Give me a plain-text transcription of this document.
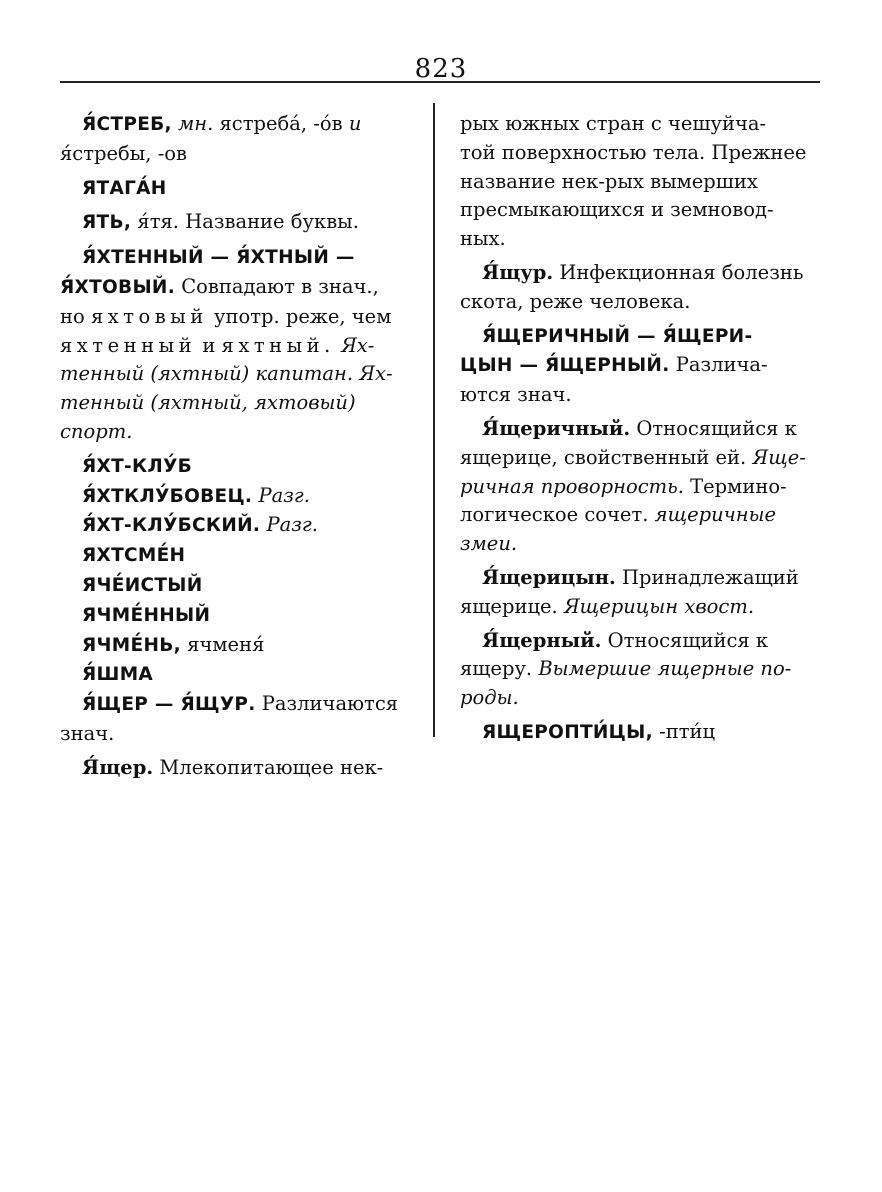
823

Я́СТРЕБ, мн. ястреба́, -о́в и
я́стребы, -ов

ЯТАГА́Н

ЯТЬ, я́тя. Название буквы.

Я́ХТЕННЫЙ — Я́ХТНЫЙ —
Я́ХТОВЫЙ. Совпадают в знач.,
но яхтовый употр. реже, чем
яхтенный и яхтный. Ях-
тенный (яхтный) капитан. Ях-
тенный (яхтный, яхтовый)
спорт.

Я́ХТ-КЛУ́Б

Я́ХТКЛУ́БОВЕЦ. Разг.

Я́ХТ-КЛУ́БСКИЙ. Разг.

ЯХТСМЕ́Н

ЯЧЕ́ИСТЫЙ

ЯЧМЕ́ННЫЙ

ЯЧМЕ́НЬ, ячменя́

Я́ШМА

Я́ЩЕР — Я́ЩУР. Различаются
знач.

Я́щер. Млекопитающее нек-

рых южных стран с чешуйча-
той поверхностью тела. Прежнее
название нек-рых вымерших
пресмыкающихся и земновод-
ных.

Я́щур. Инфекционная болезнь
скота, реже человека.

Я́ЩЕРИЧНЫЙ — Я́ЩЕРИ-
ЦЫН — Я́ЩЕРНЫЙ. Различа-
ются знач.

Я́щеричный. Относящийся к
ящерице, свойственный ей. Яще-
ричная проворность. Термино-
логическое сочет. ящеричные
змеи.

Я́щерицын. Принадлежащий
ящерице. Ящерицын хвост.

Я́щерный. Относящийся к
ящеру. Вымершие ящерные по-
роды.

ЯЩЕРОПТИ́ЦЫ, -пти́ц
